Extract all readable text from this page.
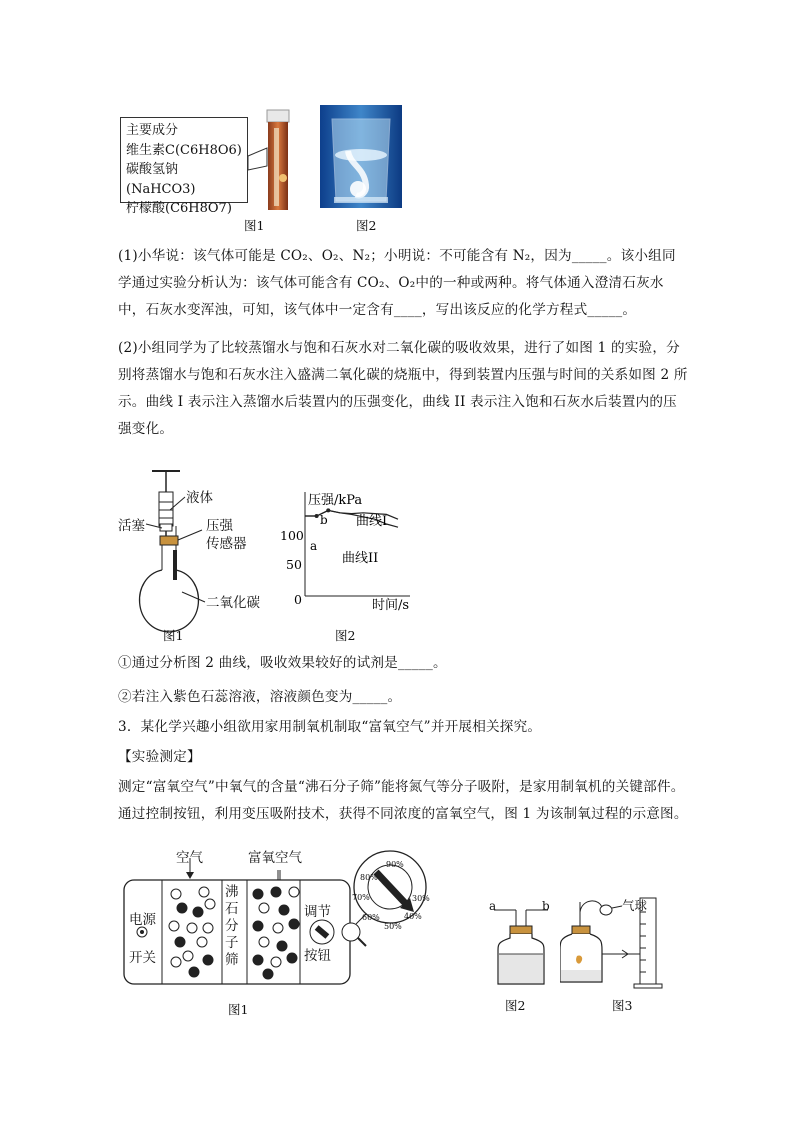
主要成分
维生素C(C6H8O6)
碳酸氢钠(NaHCO3)
柠檬酸(C6H8O7)
图1	图2
(1)小华说：该气体可能是 CO₂、O₂、N₂；小明说：不可能含有 N₂，因为_____。该小组同学通过实验分析认为：该气体可能含有 CO₂、O₂中的一种或两种。将气体通入澄清石灰水中，石灰水变浑浊，可知，该气体中一定含有____，写出该反应的化学方程式_____。
(2)小组同学为了比较蒸馏水与饱和石灰水对二氧化碳的吸收效果，进行了如图 1 的实验，分别将蒸馏水与饱和石灰水注入盛满二氧化碳的烧瓶中，得到装置内压强与时间的关系如图 2 所示。曲线 I 表示注入蒸馏水后装置内的压强变化，曲线 II 表示注入饱和石灰水后装置内的压强变化。
液体
活塞	压强
传感器
二氧化碳
压强/kPa
时间/s
100
50
0
a
b 曲线I
曲线II
图1	图2
①通过分析图 2 曲线，吸收效果较好的试剂是_____。
②若注入紫色石蕊溶液，溶液颜色变为_____。
3．某化学兴趣小组欲用家用制氧机制取“富氧空气”并开展相关探究。
【实验测定】
测定“富氧空气”中氧气的含量“沸石分子筛”能将氮气等分子吸附，是家用制氧机的关键部件。通过控制按钮，利用变压吸附技术，获得不同浓度的富氧空气，图 1 为该制氧过程的示意图。
空气	富氧空气
电源
开关
沸
石
分
子
筛
调节
按钮
90%
80%
30%
70%
40%
60%
50%
图1
a	b
图2
气球
图3
